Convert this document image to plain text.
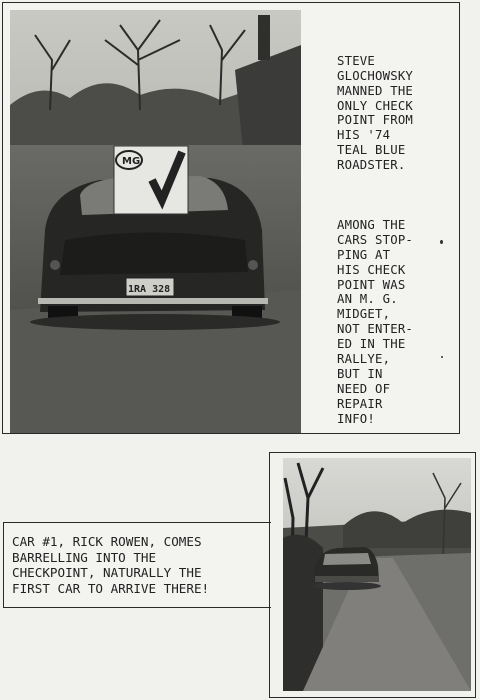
MG
1RA 328

STEVE
GLOCHOWSKY
MANNED THE
ONLY CHECK
POINT FROM
HIS '74
TEAL BLUE
ROADSTER.

AMONG THE
CARS STOP-
PING AT
HIS CHECK
POINT WAS
AN M. G.
MIDGET,
NOT ENTER-
ED IN THE
RALLYE,
BUT IN
NEED OF
REPAIR
INFO!

CAR #1, RICK ROWEN, COMES
BARRELLING INTO THE
CHECKPOINT, NATURALLY THE
FIRST CAR TO ARRIVE THERE!
